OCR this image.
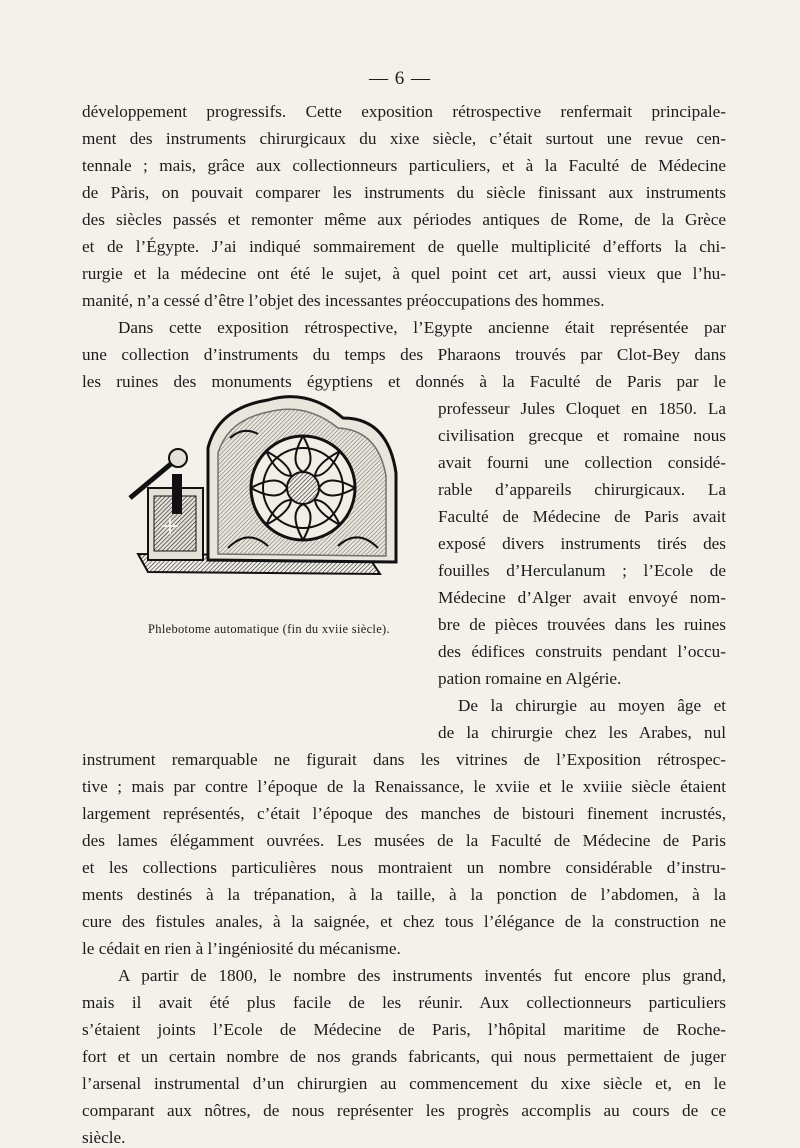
— 6 —
développement progressifs. Cette exposition rétrospective renfermait principale-
ment des instruments chirurgicaux du xixe siècle, c’était surtout une revue cen-
tennale ; mais, grâce aux collectionneurs particuliers, et à la Faculté de Médecine
de Pàris, on pouvait comparer les instruments du siècle finissant aux instruments
des siècles passés et remonter même aux périodes antiques de Rome, de la Grèce
et de l’Égypte. J’ai indiqué sommairement de quelle multiplicité d’efforts la chi-
rurgie et la médecine ont été le sujet, à quel point cet art, aussi vieux que l’hu-
manité, n’a cessé d’être l’objet des incessantes préoccupations des hommes.
Dans cette exposition rétrospective, l’Egypte ancienne était représentée par
une collection d’instruments du temps des Pharaons trouvés par Clot-Bey dans
les ruines des monuments égyptiens et donnés à la Faculté de Paris par le
professeur Jules Cloquet en 1850. La
civilisation grecque et romaine nous
avait fourni une collection considé-
rable d’appareils chirurgicaux. La
Faculté de Médecine de Paris avait
exposé divers instruments tirés des
fouilles d’Herculanum ; l’Ecole de
Médecine d’Alger avait envoyé nom-
bre de pièces trouvées dans les ruines
des édifices construits pendant l’occu-
pation romaine en Algérie.
De la chirurgie au moyen âge et
de la chirurgie chez les Arabes, nul
instrument remarquable ne figurait dans les vitrines de l’Exposition rétrospec-
tive ; mais par contre l’époque de la Renaissance, le xviie et le xviiie siècle étaient
largement représentés, c’était l’époque des manches de bistouri finement incrustés,
des lames élégamment ouvrées. Les musées de la Faculté de Médecine de Paris
et les collections particulières nous montraient un nombre considérable d’instru-
ments destinés à la trépanation, à la taille, à la ponction de l’abdomen, à la
cure des fistules anales, à la saignée, et chez tous l’élégance de la construction ne
le cédait en rien à l’ingéniosité du mécanisme.
A partir de 1800, le nombre des instruments inventés fut encore plus grand,
mais il avait été plus facile de les réunir. Aux collectionneurs particuliers
s’étaient joints l’Ecole de Médecine de Paris, l’hôpital maritime de Roche-
fort et un certain nombre de nos grands fabricants, qui nous permettaient de juger
l’arsenal instrumental d’un chirurgien au commencement du xixe siècle et, en le
comparant aux nôtres, de nous représenter les progrès accomplis au cours de ce
siècle.
Phlebotome automatique (fin du xviie siècle).
